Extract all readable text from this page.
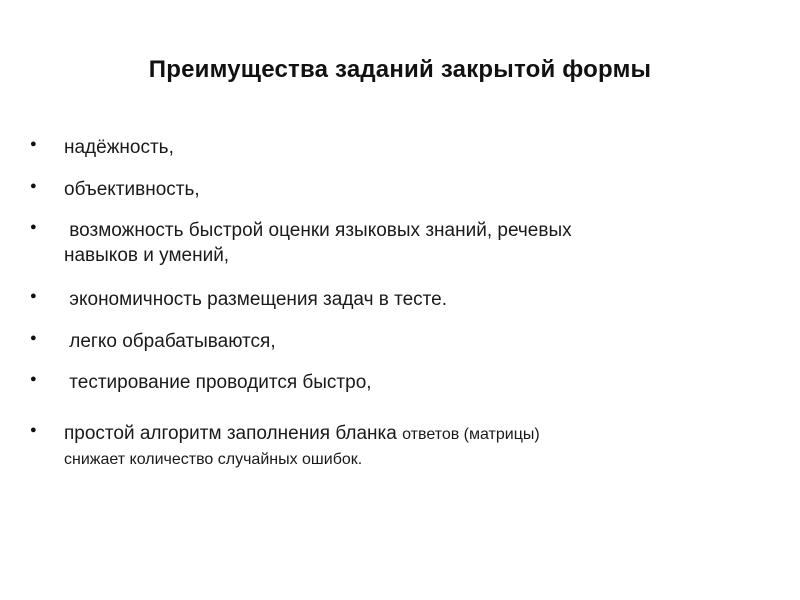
Преимущества заданий закрытой формы
● надёжность,
● объективность,
● возможность быстрой оценки языковых знаний, речевых
навыков и умений,
● экономичность размещения задач в тесте.
● легко обрабатываются,
● тестирование проводится быстро,
● простой алгоритм заполнения бланка ответов (матрицы)
снижает количество случайных ошибок.
